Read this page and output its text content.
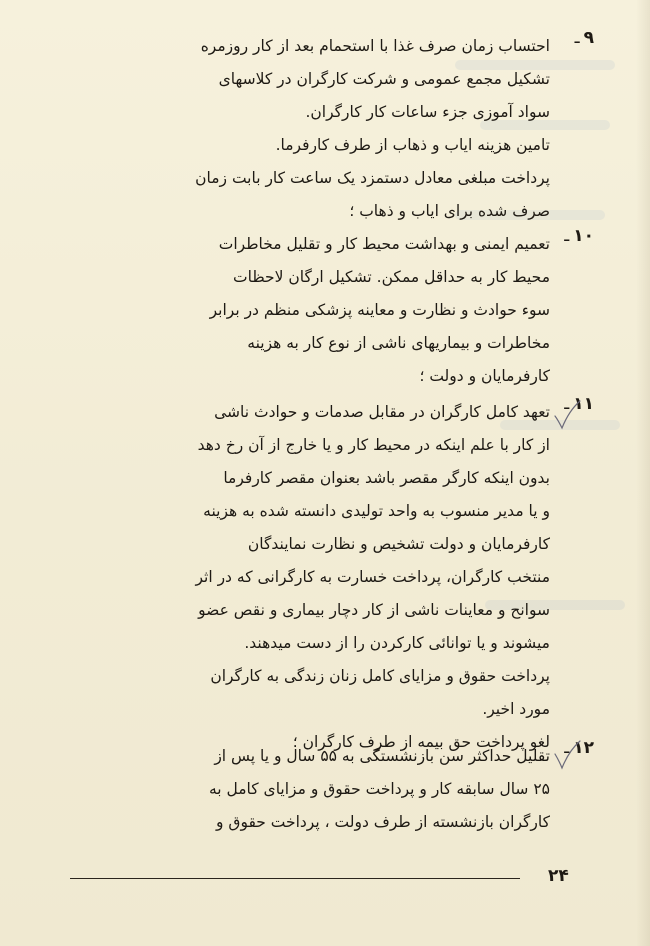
۹ـ
احتساب زمان صرف غذا با استحمام بعد از کار روزمره
تشکیل مجمع عمومی و شرکت کارگران در کلاسهای
سواد آموزی جزء ساعات کار کارگران.
تامین هزینه ایاب و ذهاب از طرف کارفرما.
پرداخت مبلغی معادل دستمزد یک ساعت کار بابت زمان
صرف شده برای ایاب و ذهاب ؛
۱۰ـ
تعمیم ایمنی و بهداشت محیط کار و تقلیل مخاطرات
محیط کار به حداقل ممکن. تشکیل ارگان لاحظات
سوء حوادث و نظارت و معاینه پزشکی منظم در برابر
مخاطرات و بیماریهای ناشی از نوع کار به هزینه
کارفرمایان و دولت ؛
۱۱ـ
تعهد کامل کارگران در مقابل صدمات و حوادث ناشی
از کار با علم اینکه در محیط کار و یا خارج از آن رخ دهد
بدون اینکه کارگر مقصر باشد بعنوان مقصر کارفرما
و یا مدیر منسوب به واحد تولیدی دانسته شده به هزینه
کارفرمایان و دولت تشخیص و نظارت نمایندگان
منتخب کارگران، پرداخت خسارت به کارگرانی که در اثر
سوانح و معاینات ناشی از کار دچار بیماری و نقص عضو
میشوند و یا توانائی کارکردن را از دست میدهند.
پرداخت حقوق و مزایای کامل زنان زندگی به کارگران
مورد اخیر.
لغو پرداخت حق بیمه از طرف کارگران ؛	۱۲ـ
تقلیل حداکثر سن بازنشستگی به ۵۵ سال و یا پس از
۲۵ سال سابقه کار و پرداخت حقوق و مزایای کامل به
کارگران بازنشسته از طرف دولت ، پرداخت حقوق و
۲۴
